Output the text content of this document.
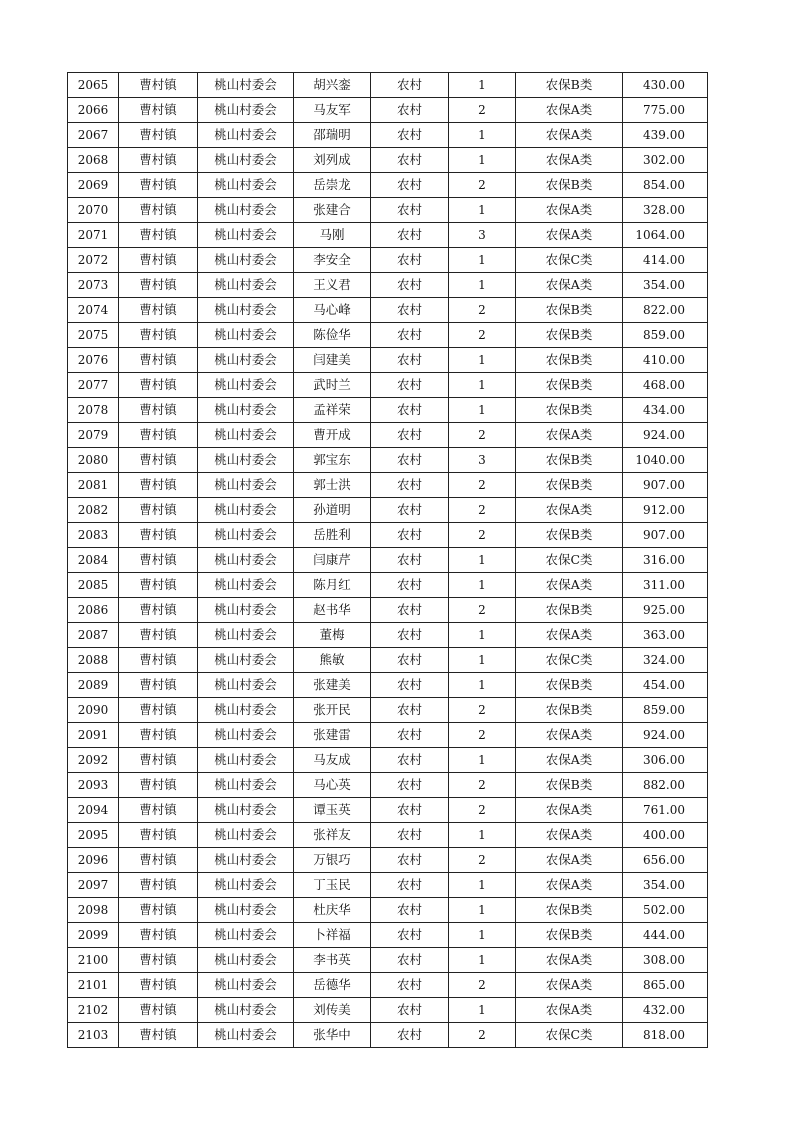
2065	曹村镇	桃山村委会	胡兴銮	农村	1	农保B类	430.00
2066	曹村镇	桃山村委会	马友军	农村	2	农保A类	775.00
2067	曹村镇	桃山村委会	邵瑞明	农村	1	农保A类	439.00
2068	曹村镇	桃山村委会	刘列成	农村	1	农保A类	302.00
2069	曹村镇	桃山村委会	岳崇龙	农村	2	农保B类	854.00
2070	曹村镇	桃山村委会	张建合	农村	1	农保A类	328.00
2071	曹村镇	桃山村委会	马刚	农村	3	农保A类	1064.00
2072	曹村镇	桃山村委会	李安全	农村	1	农保C类	414.00
2073	曹村镇	桃山村委会	王义君	农村	1	农保A类	354.00
2074	曹村镇	桃山村委会	马心峰	农村	2	农保B类	822.00
2075	曹村镇	桃山村委会	陈俭华	农村	2	农保B类	859.00
2076	曹村镇	桃山村委会	闫建美	农村	1	农保B类	410.00
2077	曹村镇	桃山村委会	武时兰	农村	1	农保B类	468.00
2078	曹村镇	桃山村委会	孟祥荣	农村	1	农保B类	434.00
2079	曹村镇	桃山村委会	曹开成	农村	2	农保A类	924.00
2080	曹村镇	桃山村委会	郭宝东	农村	3	农保B类	1040.00
2081	曹村镇	桃山村委会	郭士洪	农村	2	农保B类	907.00
2082	曹村镇	桃山村委会	孙道明	农村	2	农保A类	912.00
2083	曹村镇	桃山村委会	岳胜利	农村	2	农保B类	907.00
2084	曹村镇	桃山村委会	闫康芹	农村	1	农保C类	316.00
2085	曹村镇	桃山村委会	陈月红	农村	1	农保A类	311.00
2086	曹村镇	桃山村委会	赵书华	农村	2	农保B类	925.00
2087	曹村镇	桃山村委会	董梅	农村	1	农保A类	363.00
2088	曹村镇	桃山村委会	熊敏	农村	1	农保C类	324.00
2089	曹村镇	桃山村委会	张建美	农村	1	农保B类	454.00
2090	曹村镇	桃山村委会	张开民	农村	2	农保B类	859.00
2091	曹村镇	桃山村委会	张建雷	农村	2	农保A类	924.00
2092	曹村镇	桃山村委会	马友成	农村	1	农保A类	306.00
2093	曹村镇	桃山村委会	马心英	农村	2	农保B类	882.00
2094	曹村镇	桃山村委会	谭玉英	农村	2	农保A类	761.00
2095	曹村镇	桃山村委会	张祥友	农村	1	农保A类	400.00
2096	曹村镇	桃山村委会	万银巧	农村	2	农保A类	656.00
2097	曹村镇	桃山村委会	丁玉民	农村	1	农保A类	354.00
2098	曹村镇	桃山村委会	杜庆华	农村	1	农保B类	502.00
2099	曹村镇	桃山村委会	卜祥福	农村	1	农保B类	444.00
2100	曹村镇	桃山村委会	李书英	农村	1	农保A类	308.00
2101	曹村镇	桃山村委会	岳德华	农村	2	农保A类	865.00
2102	曹村镇	桃山村委会	刘传美	农村	1	农保A类	432.00
2103	曹村镇	桃山村委会	张华中	农村	2	农保C类	818.00
